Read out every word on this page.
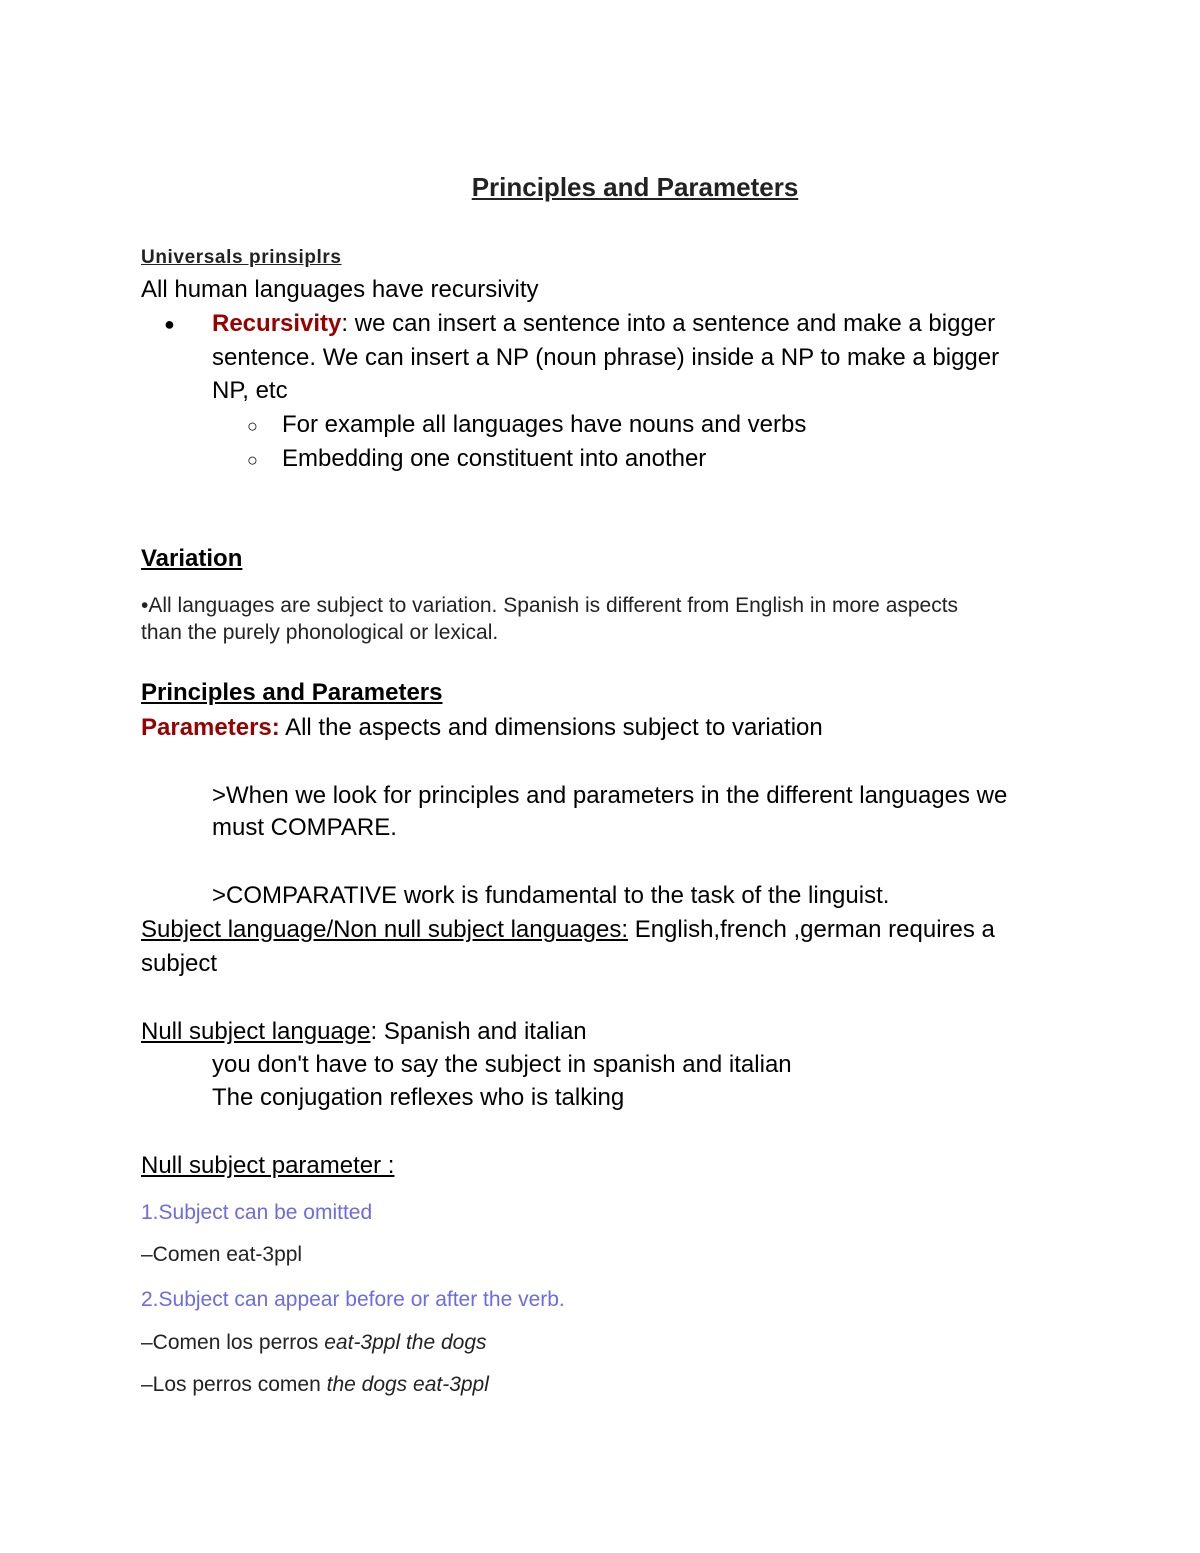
Principles and Parameters
Universals prinsiplrs
All human languages have recursivity
● Recursivity: we can insert a sentence into a sentence and make a bigger
sentence. We can insert a NP (noun phrase) inside a NP to make a bigger
NP, etc
○ For example all languages have nouns and verbs
○ Embedding one constituent into another
Variation
•All languages are subject to variation. Spanish is different from English in more aspects
than the purely phonological or lexical.
Principles and Parameters
Parameters: All the aspects and dimensions subject to variation
>When we look for principles and parameters in the different languages we
must COMPARE.
>COMPARATIVE work is fundamental to the task of the linguist.
Subject language/Non null subject languages: English,french ,german requires a
subject
Null subject language: Spanish and italian
you don't have to say the subject in spanish and italian
The conjugation reflexes who is talking
Null subject parameter :
1.Subject can be omitted
–Comen eat-3ppl
2.Subject can appear before or after the verb.
–Comen los perros eat-3ppl the dogs
–Los perros comen the dogs eat-3ppl
